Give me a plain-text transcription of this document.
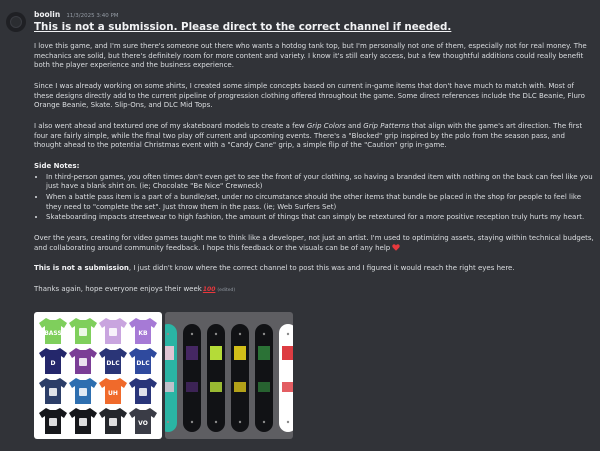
boolin 11/3/2025 3:40 PM
This is not a submission. Please direct to the correct channel if needed.

I love this game, and I'm sure there's someone out there who wants a hotdog tank top, but I'm personally not one of them, especially not for real money. The mechanics are solid, but there's definitely room for more content and variety. I know it's still early access, but a few thoughtful additions could really benefit both the player experience and the business experience.

Since I was already working on some shirts, I created some simple concepts based on current in-game items that don't have much to match with. Most of these designs directly add to the current pipeline of progression clothing offered throughout the game. Some direct references include the DLC Beanie, Fluro Orange Beanie, Skate. Slip-Ons, and DLC Mid Tops.

I also went ahead and textured one of my skateboard models to create a few Grip Colors and Grip Patterns that align with the game's art direction. The first four are fairly simple, while the final two play off current and upcoming events. There's a "Blocked" grip inspired by the polo from the season pass, and thought ahead to the potential Christmas event with a "Candy Cane" grip, a simple flip of the "Caution" grip in-game.

Side Notes:
• In third-person games, you often times don't even get to see the front of your clothing, so having a branded item with nothing on the back can feel like you just have a blank shirt on. (ie; Chocolate "Be Nice" Crewneck)
• When a battle pass item is a part of a bundle/set, under no circumstance should the other items that bundle be placed in the shop for people to feel like they need to "complete the set". Just throw them in the pass. (ie; Web Surfers Set)
• Skateboarding impacts streetwear to high fashion, the amount of things that can simply be retextured for a more positive reception truly hurts my heart.

Over the years, creating for video games taught me to think like a developer, not just an artist. I'm used to optimizing assets, staying within technical budgets, and collaborating around community feedback. I hope this feedback or the visuals can be of any help

This is not a submission, I just didn't know where the correct channel to post this was and I figured it would reach the right eyes here.

Thanks again, hope everyone enjoys their week100 (edited)

BASS	KB
D	DLC	DLC
UH
VO
